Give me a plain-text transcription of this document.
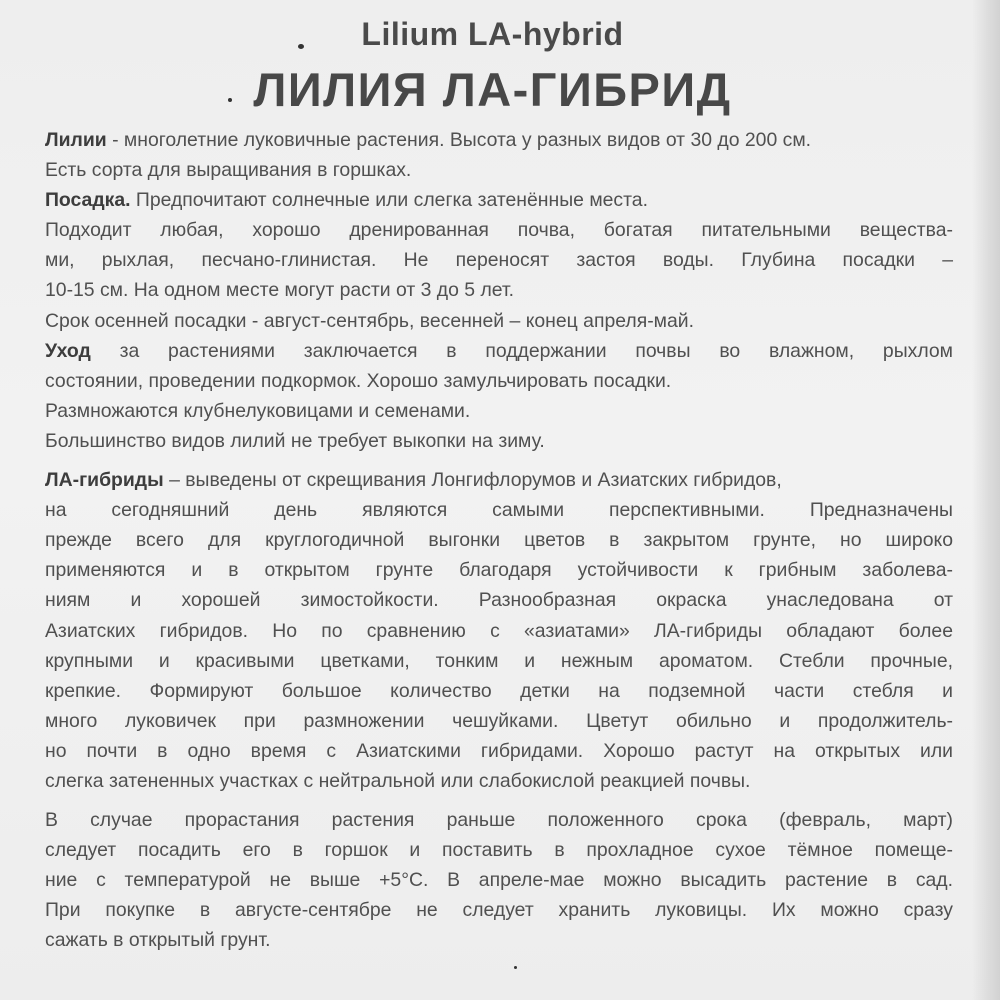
Lilium LA-hybrid
ЛИЛИЯ ЛА-ГИБРИД
Лилии - многолетние луковичные растения. Высота у разных видов от 30 до 200 см.
Есть сорта для выращивания в горшках.
Посадка. Предпочитают солнечные или слегка затенённые места.
Подходит любая, хорошо дренированная почва, богатая питательными вещества-
ми, рыхлая, песчано-глинистая. Не переносят застоя воды. Глубина посадки –
10-15 см. На одном месте могут расти от 3 до 5 лет.
Срок осенней посадки - август-сентябрь, весенней – конец апреля-май.
Уход за растениями заключается в поддержании почвы во влажном, рыхлом
состоянии, проведении подкормок. Хорошо замульчировать посадки.
Размножаются клубнелуковицами и семенами.
Большинство видов лилий не требует выкопки на зиму.
ЛА-гибриды – выведены от скрещивания Лонгифлорумов и Азиатских гибридов,
на сегодняшний день являются самыми перспективными. Предназначены
прежде всего для круглогодичной выгонки цветов в закрытом грунте, но широко
применяются и в открытом грунте благодаря устойчивости к грибным заболева-
ниям и хорошей зимостойкости. Разнообразная окраска унаследована от
Азиатских гибридов. Но по сравнению с «азиатами» ЛА-гибриды обладают более
крупными и красивыми цветками, тонким и нежным ароматом. Стебли прочные,
крепкие. Формируют большое количество детки на подземной части стебля и
много луковичек при размножении чешуйками. Цветут обильно и продолжитель-
но почти в одно время с Азиатскими гибридами. Хорошо растут на открытых или
слегка затененных участках с нейтральной или слабокислой реакцией почвы.
В случае прорастания растения раньше положенного срока (февраль, март)
следует посадить его в горшок и поставить в прохладное сухое тёмное помеще-
ние с температурой не выше +5°С. В апреле-мае можно высадить растение в сад.
При покупке в августе-сентябре не следует хранить луковицы. Их можно сразу
сажать в открытый грунт.
